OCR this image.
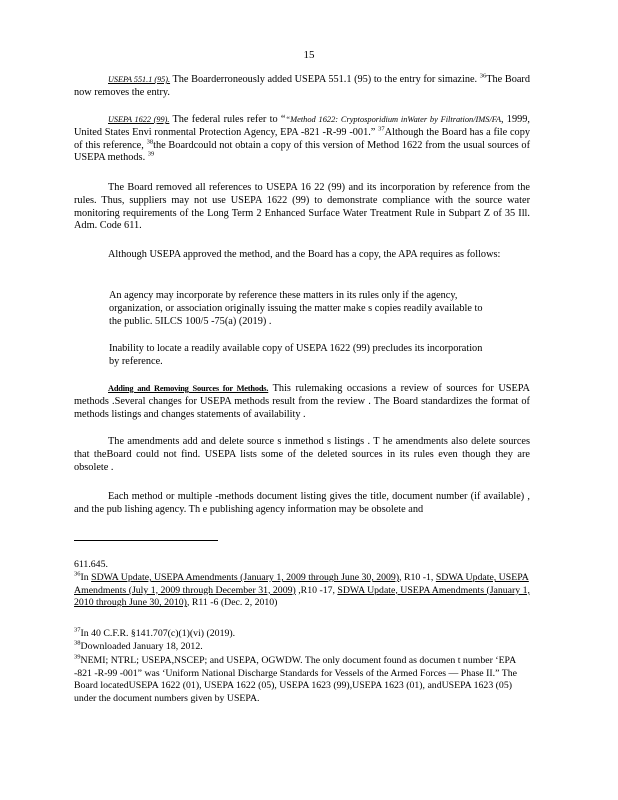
15
USEPA 551.1 (95). The Boarderroneously added USEPA 551.1 (95) to the entry for simazine. $^{36}$The Board now removes the entry.
USEPA 1622 (99). The federal rules refer to ““Method 1622: Cryptosporidium inWater by Filtration/IMS/FA, 1999, United States Envi ronmental Protection Agency, EPA -821 -R-99 -001.” $^{37}$Although the Board has a file copy of this reference, $^{38}$the Boardcould not obtain a copy of this version of Method 1622 from the usual sources of USEPA methods. $^{39}$
The Board removed all references to USEPA 16 22 (99) and its incorporation by reference from the rules. Thus, suppliers may not use USEPA 1622 (99) to demonstrate compliance with the source water monitoring requirements of the Long Term 2 Enhanced Surface Water Treatment Rule in Subpart Z of 35 Ill. Adm. Code 611.
Although USEPA approved the method, and the Board has a copy, the APA requires as follows:
An agency may incorporate by reference these matters in its rules only if the agency, organization, or association originally issuing the matter make s copies readily available to the public. 5ILCS 100/5 -75(a) (2019) .
Inability to locate a readily available copy of USEPA 1622 (99) precludes its incorporation by reference.
Adding and Removing Sources for Methods. This rulemaking occasions a review of sources for USEPA methods .Several changes for USEPA methods result from the review . The Board standardizes the format of methods listings and changes statements of availability .
The amendments add and delete source s inmethod s listings . T he amendments also delete sources that theBoard could not find. USEPA lists some of the deleted sources in its rules even though they are obsolete .
Each method or multiple -methods document listing gives the title, document number (if available) , and the pub lishing agency. Th e publishing agency information may be obsolete and
611.645.
$^{36}$In SDWA Update, USEPA Amendments (January 1, 2009 through June 30, 2009), R10 -1, SDWA Update, USEPA Amendments (July 1, 2009 through December 31, 2009) ,R10 -17, SDWA Update, USEPA Amendments (January 1, 2010 through June 30, 2010), R11 -6 (Dec. 2, 2010)
$^{37}$In 40 C.F.R. §141.707(c)(1)(vi) (2019).
$^{38}$Downloaded January 18, 2012.
$^{39}$NEMI; NTRL; USEPA,NSCEP; and USEPA, OGWDW. The only document found as documen t number ‘EPA -821 -R-99 -001” was ‘Uniform National Discharge Standards for Vessels of the Armed Forces — Phase II.” The Board locatedUSEPA 1622 (01), USEPA 1622 (05), USEPA 1623 (99),USEPA 1623 (01), andUSEPA 1623 (05) under the document numbers given by USEPA.
